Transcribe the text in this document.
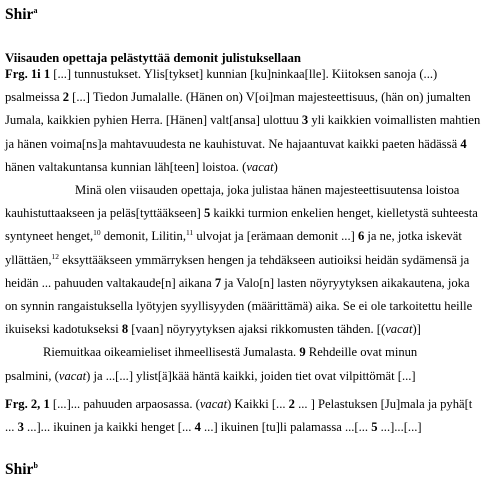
Shir$^a$
Viisauden opettaja pelästyttää demonit julistuksellaan
Frg. 1i 1 [...] tunnustukset. Ylis[tykset] kunnian [ku]ninkaa[lle]. Kiitoksen sanoja (...)
psalmeissa 2 [...] Tiedon Jumalalle. (Hänen on) V[oi]man majesteettisuus, (hän on) jumalten
Jumala, kaikkien pyhien Herra. [Hänen] valt[ansa] ulottuu 3 yli kaikkien voimallisten mahtien
ja hänen voima[ns]a mahtavuudesta ne kauhistuvat. Ne hajaantuvat kaikki paeten hädässä 4
hänen valtakuntansa kunnian läh[teen] loistoa. (vacat)
Minä olen viisauden opettaja, joka julistaa hänen majesteettisuutensa loistoa
kauhistuttaakseen ja peläs[tyttääkseen] 5 kaikki turmion enkelien henget, kielletystä suhteesta
syntyneet henget,$^{10}$ demonit, Lilitin,$^{11}$ ulvojat ja [erämaan demonit ...] 6 ja ne, jotka iskevät
yllättäen,$^{12}$ eksyttääkseen ymmärryksen hengen ja tehdäkseen autioiksi heidän sydämensä ja
heidän ... pahuuden valtakaude[n] aikana 7 ja Valo[n] lasten nöyryytyksen aikakautena, joka
on synnin rangaistuksella lyötyjen syyllisyyden (määrittämä) aika. Se ei ole tarkoitettu heille
ikuiseksi kadotukseksi 8 [vaan] nöyryytyksen ajaksi rikkomusten tähden. [(vacat)]
Riemuitkaa oikeamieliset ihmeellisestä Jumalasta. 9 Rehdeille ovat minun
psalmini, (vacat) ja ...[...] ylist[ä]kää häntä kaikki, joiden tiet ovat vilpittömät [...]
Frg. 2, 1 [...]... pahuuden arpaosassa. (vacat) Kaikki [... 2 ... ] Pelastuksen [Ju]mala ja pyhä[t
... 3 ...]... ikuinen ja kaikki henget [... 4 ...] ikuinen [tu]li palamassa ...[... 5 ...]...[...]
Shir$^b$
